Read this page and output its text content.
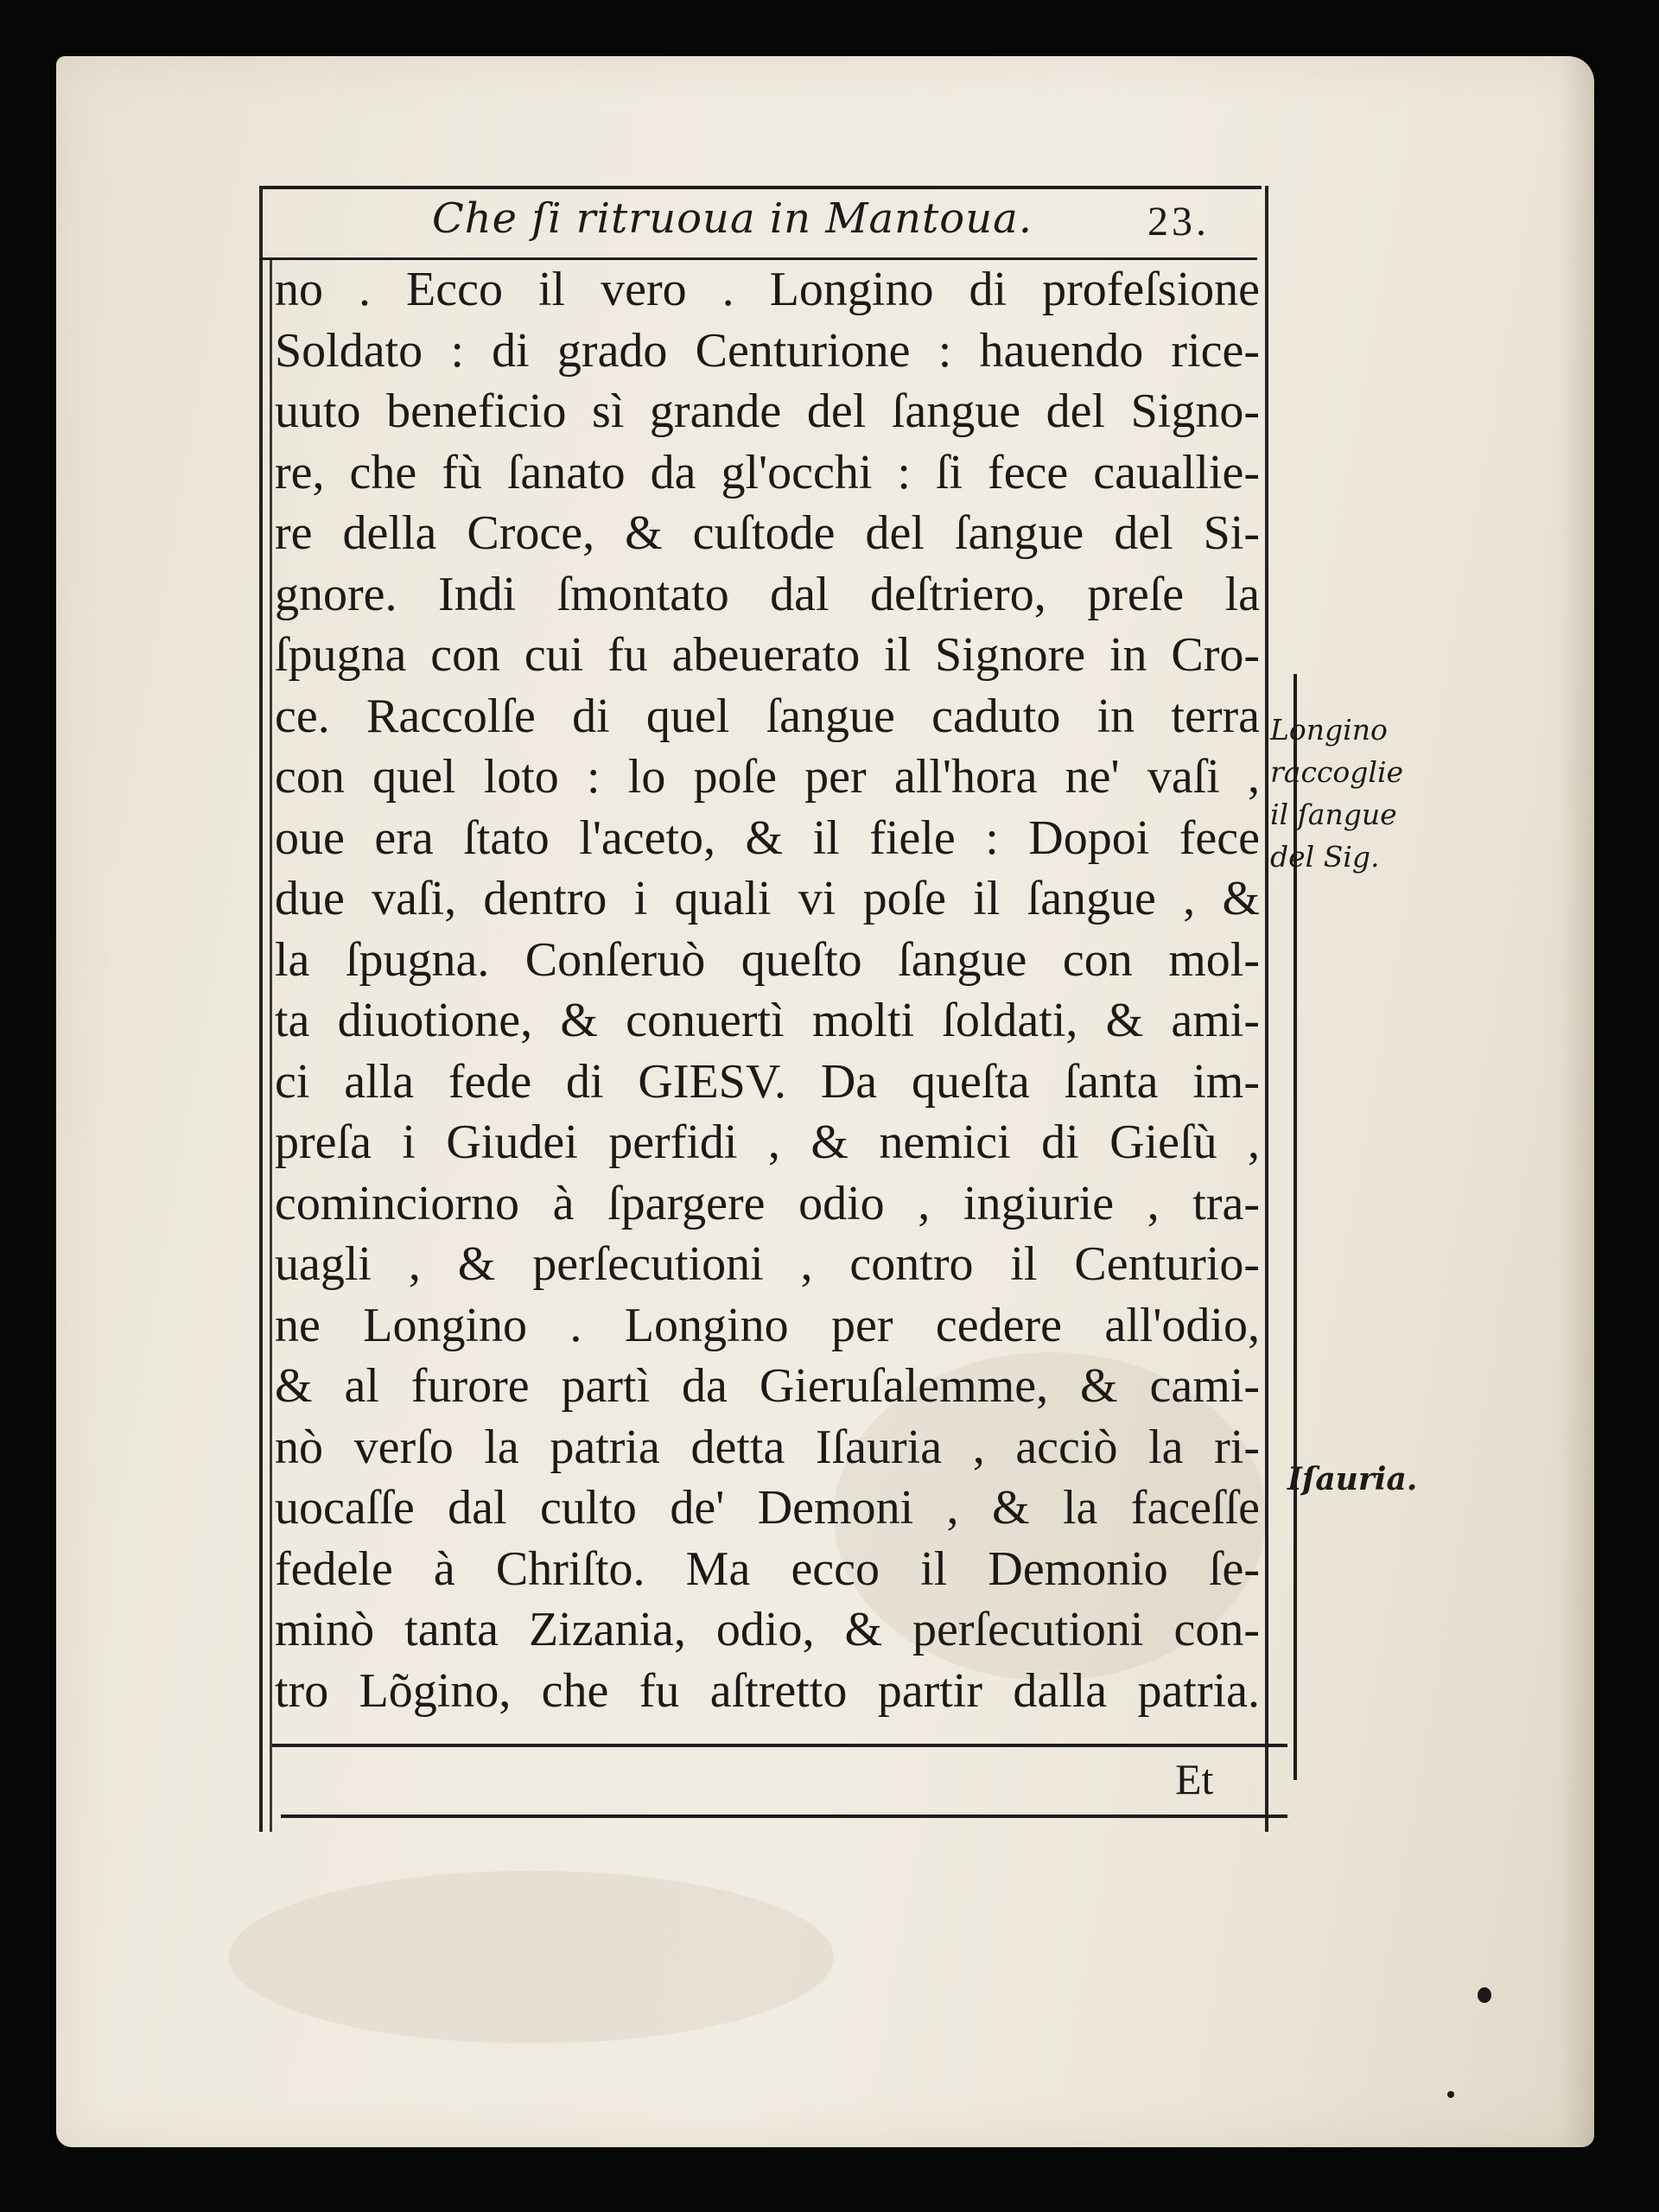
Che ſi ritruoua in Mantoua.	23.
no . Ecco il vero . Longino di profeſsione
Soldato : di grado Centurione : hauendo rice-
uuto beneficio sì grande del ſangue del Signo-
re, che fù ſanato da gl'occhi : ſi fece cauallie-
re della Croce, & cuſtode del ſangue del Si-
gnore. Indi ſmontato dal deſtriero, preſe la
ſpugna con cui fu abeuerato il Signore in Cro-
ce. Raccolſe di quel ſangue caduto in terra
con quel loto : lo poſe per all'hora ne' vaſi ,
oue era ſtato l'aceto, & il fiele : Dopoi fece
due vaſi, dentro i quali vi poſe il ſangue , &
la ſpugna. Conſeruò queſto ſangue con mol-
ta diuotione, & conuertì molti ſoldati, & ami-
ci alla fede di GIESV. Da queſta ſanta im-
preſa i Giudei perfidi , & nemici di Gieſù ,
cominciorno à ſpargere odio , ingiurie , tra-
uagli , & perſecutioni , contro il Centurio-
ne Longino . Longino per cedere all'odio,
& al furore partì da Gieruſalemme, & cami-
nò verſo la patria detta Iſauria , acciò la ri-
uocaſſe dal culto de' Demoni , & la faceſſe
fedele à Chriſto. Ma ecco il Demonio ſe-
minò tanta Zizania, odio, & perſecutioni con-
tro Lõgino, che fu aſtretto partir dalla patria.
Et
Longino
raccoglie
il ſangue
del Sig.
Iſauria.
